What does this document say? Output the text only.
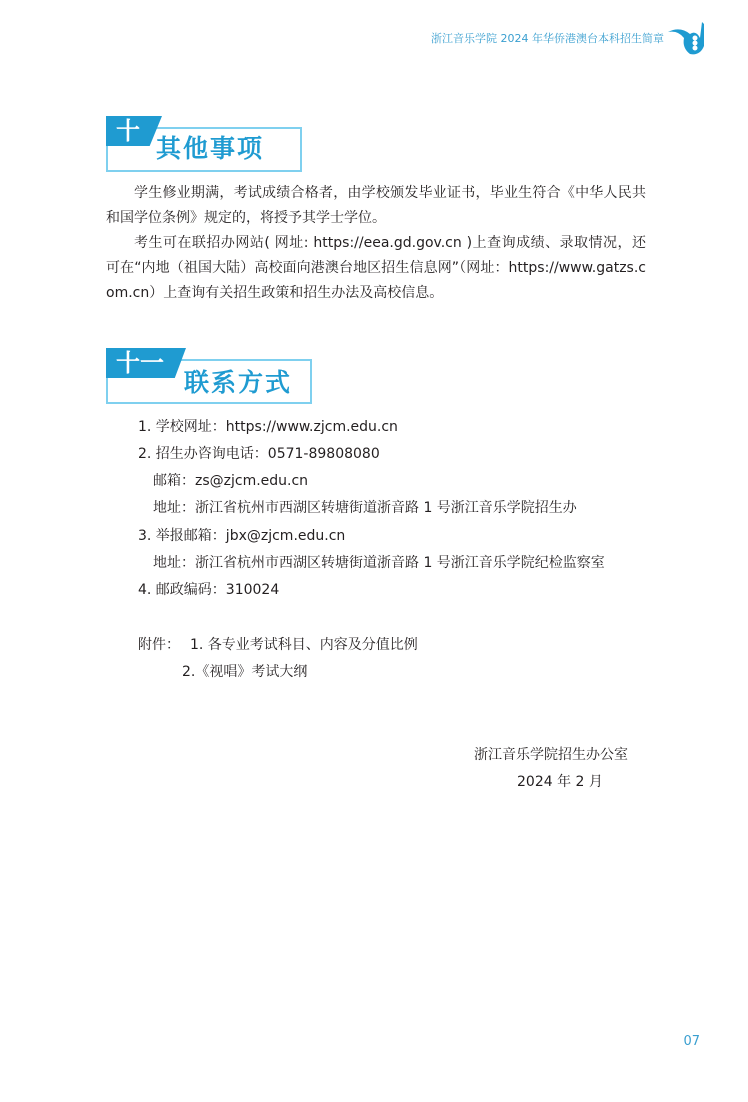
浙江音乐学院 2024 年华侨港澳台本科招生简章
十
其他事项

学生修业期满，考试成绩合格者，由学校颁发毕业证书，毕业生符合《中华人民共和国学位条例》规定的，将授予其学士学位。

考生可在联招办网站( 网址: https://eea.gd.gov.cn )上查询成绩、录取情况，还可在“内地（祖国大陆）高校面向港澳台地区招生信息网”（网址：https://www.gatzs.com.cn）上查询有关招生政策和招生办法及高校信息。

十一
联系方式
1. 学校网址：https://www.zjcm.edu.cn
2. 招生办咨询电话：0571-89808080
邮箱：zs@zjcm.edu.cn
地址：浙江省杭州市西湖区转塘街道浙音路 1 号浙江音乐学院招生办
3. 举报邮箱：jbx@zjcm.edu.cn
地址：浙江省杭州市西湖区转塘街道浙音路 1 号浙江音乐学院纪检监察室
4. 邮政编码：310024
附件： 1. 各专业考试科目、内容及分值比例
2.《视唱》考试大纲
浙江音乐学院招生办公室
2024 年 2 月
07
